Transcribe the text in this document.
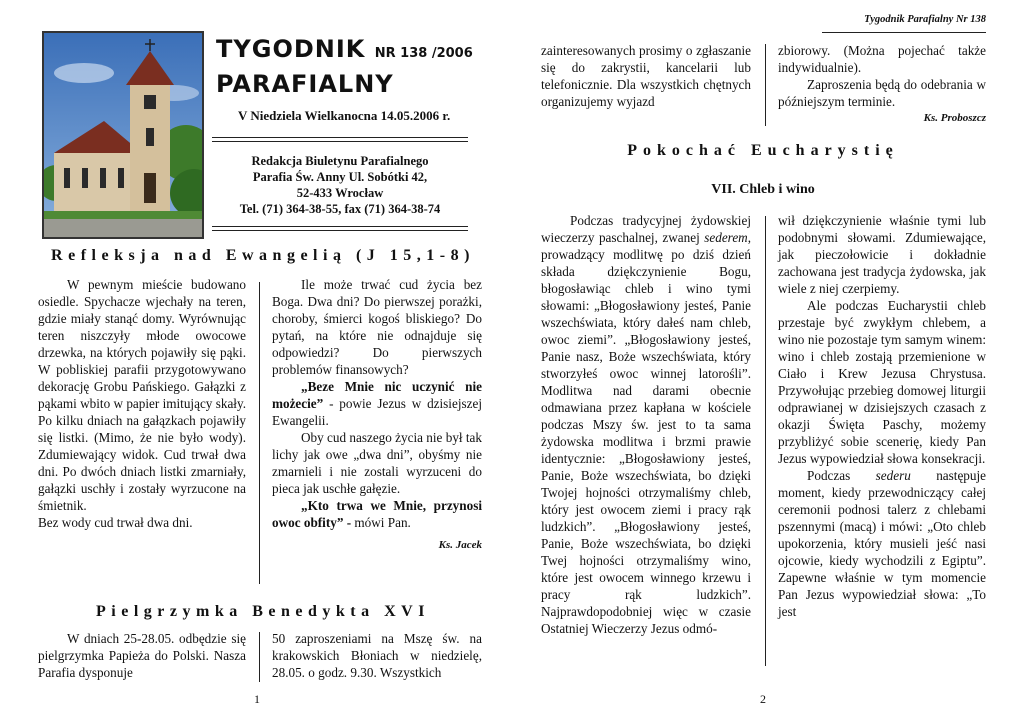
TYGODNIK NR 138 /2006
PARAFIALNY
V Niedziela Wielkanocna 14.05.2006 r.
Redakcja Biuletynu Parafialnego
Parafia Św. Anny Ul. Sobótki 42,
52-433 Wrocław
Tel. (71) 364-38-55, fax (71) 364-38-74
Refleksja nad Ewangelią (J 15,1-8)

W pewnym mieście budowano osiedle. Spychacze wjechały na teren, gdzie miały stanąć domy. Wyrównując teren niszczyły młode owocowe drzewka, na których pojawiły się pąki. W pobliskiej parafii przygotowywano dekorację Grobu Pańskiego. Gałązki z pąkami wbito w papier imitujący skały. Po kilku dniach na gałązkach pojawiły się listki. (Mimo, że nie było wody). Zdumiewający widok. Cud trwał dwa dni. Po dwóch dniach listki zmarniały, gałązki uschły i zostały wyrzucone na śmietnik.

Bez wody cud trwał dwa dni.

Ile może trwać cud życia bez Boga. Dwa dni? Do pierwszej porażki, choroby, śmierci kogoś bliskiego? Do pytań, na które nie odnajduje się odpowiedzi? Do pierwszych problemów finansowych?

„Beze Mnie nic uczynić nie możecie” - powie Jezus w dzisiejszej Ewangelii.

Oby cud naszego życia nie był tak lichy jak owe „dwa dni”, obyśmy nie zmarnieli i nie zostali wyrzuceni do pieca jak uschłe gałęzie.

„Kto trwa we Mnie, przynosi owoc obfity” - mówi Pan.

Ks. Jacek

Pielgrzymka Benedykta XVI

W dniach 25-28.05. odbędzie się pielgrzymka Papieża do Polski. Nasza Parafia dysponuje

50 zaproszeniami na Mszę św. na krakowskich Błoniach w niedzielę, 28.05. o godz. 9.30. Wszystkich

1
Tygodnik Parafialny Nr 138

zainteresowanych prosimy o zgłaszanie się do zakrystii, kancelarii lub telefonicznie. Dla wszystkich chętnych organizujemy wyjazd

zbiorowy. (Można pojechać także indywidualnie).

Zaproszenia będą do odebrania w późniejszym terminie.

Ks. Proboszcz

Pokochać Eucharystię
VII. Chleb i wino

Podczas tradycyjnej żydowskiej wieczerzy paschalnej, zwanej sederem, prowadzący modlitwę po dziś dzień składa dziękczynienie Bogu, błogosławiąc chleb i wino tymi słowami: „Błogosławiony jesteś, Panie wszechświata, który dałeś nam chleb, owoc ziemi”. „Błogosławiony jesteś, Panie nasz, Boże wszechświata, który stworzyłeś owoc winnej latorośli”. Modlitwa nad darami obecnie odmawiana przez kapłana w kościele podczas Mszy św. jest to ta sama żydowska modlitwa i brzmi prawie identycznie: „Błogosławiony jesteś, Panie, Boże wszechświata, bo dzięki Twojej hojności otrzymaliśmy chleb, który jest owocem ziemi i pracy rąk ludzkich”. „Błogosławiony jesteś, Panie, Boże wszechświata, bo dzięki Twej hojności otrzymaliśmy wino, które jest owocem winnego krzewu i pracy rąk ludzkich”. Najprawdopodobniej więc w czasie Ostatniej Wieczerzy Jezus odmó-

wił dziękczynienie właśnie tymi lub podobnymi słowami. Zdumiewające, jak pieczołowicie i dokładnie zachowana jest tradycja żydowska, jak wiele z niej czerpiemy.

Ale podczas Eucharystii chleb przestaje być zwykłym chlebem, a wino nie pozostaje tym samym winem: wino i chleb zostają przemienione w Ciało i Krew Jezusa Chrystusa. Przywołując przebieg domowej liturgii odprawianej w dzisiejszych czasach z okazji Święta Paschy, możemy przybliżyć sobie scenerię, kiedy Pan Jezus wypowiedział słowa konsekracji.

Podczas sederu następuje moment, kiedy przewodniczący całej ceremonii podnosi talerz z chlebami pszennymi (macą) i mówi: „Oto chleb upokorzenia, który musieli jeść nasi ojcowie, kiedy wychodzili z Egiptu”. Zapewne właśnie w tym momencie Pan Jezus wypowiedział słowa: „To jest

2
